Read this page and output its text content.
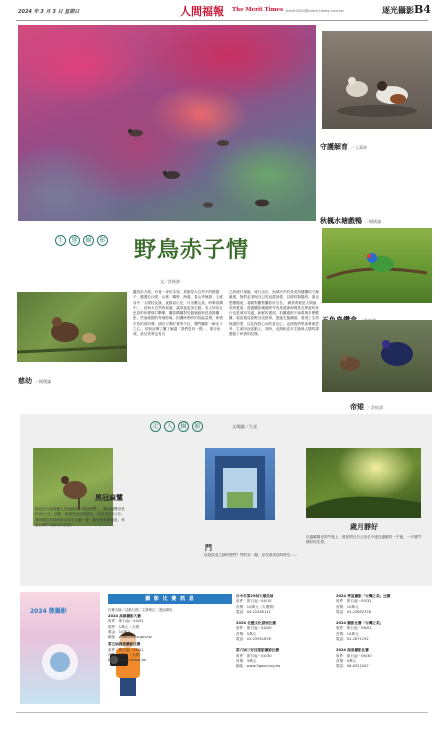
2024 年 3 月 3 日 星期日	人間福報 The Merit Times merit2000@merit-times.com.tw	逐光攝影 B4
守護解育 ／王萬坤
秋楓水塘戲鴨 ／楊樸謙
生	態	攝	影 野鳥赤子情
文／許桂漳
慈幼 ／楊樸謙
觀鳥於天際，有著一身好本領，鳥類是大自然中的精靈子，隨遇於沙漠、山林、曠野、海邊、春山秀嶺靜，王維詩中「人閒桂花落，夜靜春山空，月出驚山鳥，時鳴春澗中」，鳥與大自然的和諧，讓春夜更加生動。有人形容五色鳥的叫聲像打擊樂，攝影構圖對於動態藝術是鳥類攝影，然而細節的每個影像，拍攝時們時的鳥能量聲，珍惜引你的鳥叫聲，捕於月間盯著等不住，獨門攝影一瞬赤子之心。 按和這傳了攝了解讓「我們是同一國」，重分捨城，鳥兒其實也有自
己的流行規態，流行由自，而城市中的鳥受到棲鷹的干擾嚴重，牠們必須與自己的直盡加強，以便同類聽到，還也想變隨產，看顧對觀察攝影好自在。 網鳥將最是人間最美的畫面，透過攝影鏡頭將外的鳥視線與飛鳥交實當時鳥行也是城市安適，新鮮的畫面，拍攝過程不論環境多麼艱難，視鳥遇見會吸完成使命，透過生態鏡頭，展現了生命無盡的愛，以及保鳥心切的善良心，也使我們學會尊重思考，生命因而更動人，同時，也期盼更多生態與人類的課題留下珍貴的紀錄。
帝雉 ／許桂漳
走	入	攝	影	文與圖／大光
黑冠麻鷺
棲息於台南美麗文化園區的「美冠麻鷺」，紫冠麻鷺身長約47公分，前額、頭頂至冠羽與黑色，冠羽長約5公分。通常棲息在低海拔山區至山腳一帶，屬於保育類留鳥，常是台灣罕見稀有的鳥類。
門
這是欲至之跡的慢門？門的另一端，存在著美好的時空……
歲月靜好
在溫暖陽光的午後上，晨星們日日人扮走令達在溫暖的一午後，一片遊門靜好的光景。
2024 微攝影
攝 影 比 賽 訊 息
比賽名稱／活動日期／主辦單位／連結網址
2024 高雄攝影大賽
收件：即日起－04/01
徵件：1萬元／大獎
獎金：10萬元
網址：www.photo.gov.tw
第五屆鹿港攝影比賽
收件：即日起－04/01
首獎：3萬元（大獎）
網址：www.lukang.tw
台中市第29屆大墩美展
收件：即日起－04/15
首獎：10萬元（大墩獎）
電話：04-22280111
2024 北藝文化發展比賽
收件：即日起－04/30
首獎：5萬元
電話：02-25951676
第六屆三好佳電影攝影比賽
收件：即日起－04/30
首獎：3萬元
網址：www.3good.org.tw
2024 華夏攝影「台灣之美」比賽
收件：即日起－05/31
首獎：10萬元
電話：02-23652378
2024 攝影比賽「台灣之美」
收件：即日起－06/01
首獎：10萬元
電話：02-2671192
2024 風景攝影比賽
收件：即日起－06/30
首獎：5萬元
電話：06-6321047
